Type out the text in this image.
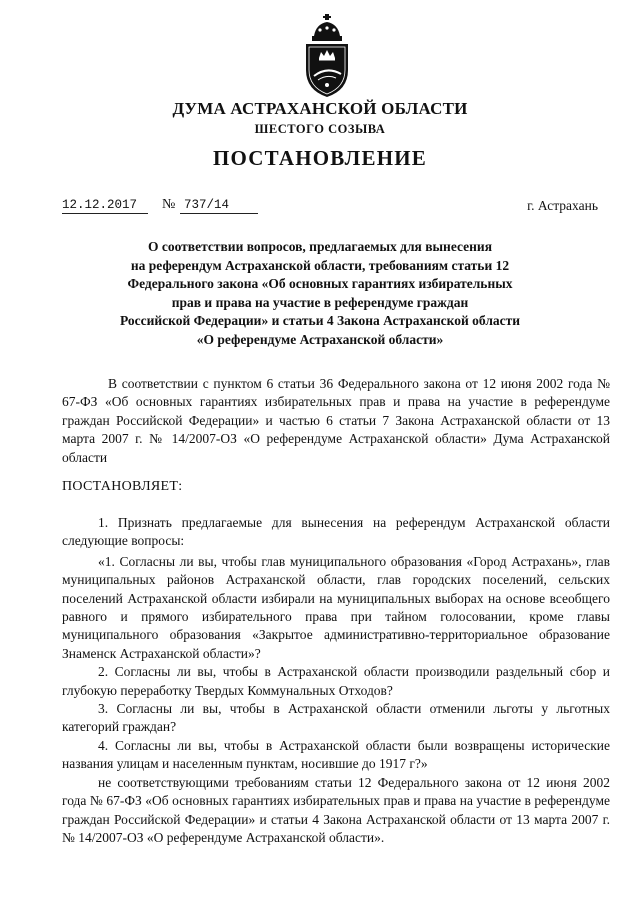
ДУМА АСТРАХАНСКОЙ ОБЛАСТИ

ШЕСТОГО СОЗЫВА

ПОСТАНОВЛЕНИЕ

12.12.2017 № 737/14	г. Астрахань
О соответствии вопросов, предлагаемых для вынесения
на референдум Астраханской области, требованиям статьи 12
Федерального закона «Об основных гарантиях избирательных
прав и права на участие в референдуме граждан
Российской Федерации» и статьи 4 Закона Астраханской области
«О референдуме Астраханской области»

В соответствии с пунктом 6 статьи 36 Федерального закона от 12 июня 2002 года № 67-ФЗ «Об основных гарантиях избирательных прав и права на участие в референдуме граждан Российской Федерации» и частью 6 статьи 7 Закона Астраханской области от 13 марта 2007 г. № 14/2007-ОЗ «О референдуме Астраханской области» Дума Астраханской области

ПОСТАНОВЛЯЕТ:

1. Признать предлагаемые для вынесения на референдум Астраханской области следующие вопросы:

«1. Согласны ли вы, чтобы глав муниципального образования «Город Астрахань», глав муниципальных районов Астраханской области, глав городских поселений, сельских поселений Астраханской области избирали на муниципальных выборах на основе всеобщего равного и прямого избирательного права при тайном голосовании, кроме главы муниципального образования «Закрытое административно-территориальное образование Знаменск Астраханской области»?

2. Согласны ли вы, чтобы в Астраханской области производили раздельный сбор и глубокую переработку Твердых Коммунальных Отходов?

3. Согласны ли вы, чтобы в Астраханской области отменили льготы у льготных категорий граждан?

4. Согласны ли вы, чтобы в Астраханской области были возвращены исторические названия улицам и населенным пунктам, носившие до 1917 г?»

не соответствующими требованиям статьи 12 Федерального закона от 12 июня 2002 года № 67-ФЗ «Об основных гарантиях избирательных прав и права на участие в референдуме граждан Российской Федерации» и статьи 4 Закона Астраханской области от 13 марта 2007 г. № 14/2007-ОЗ «О референдуме Астраханской области».
